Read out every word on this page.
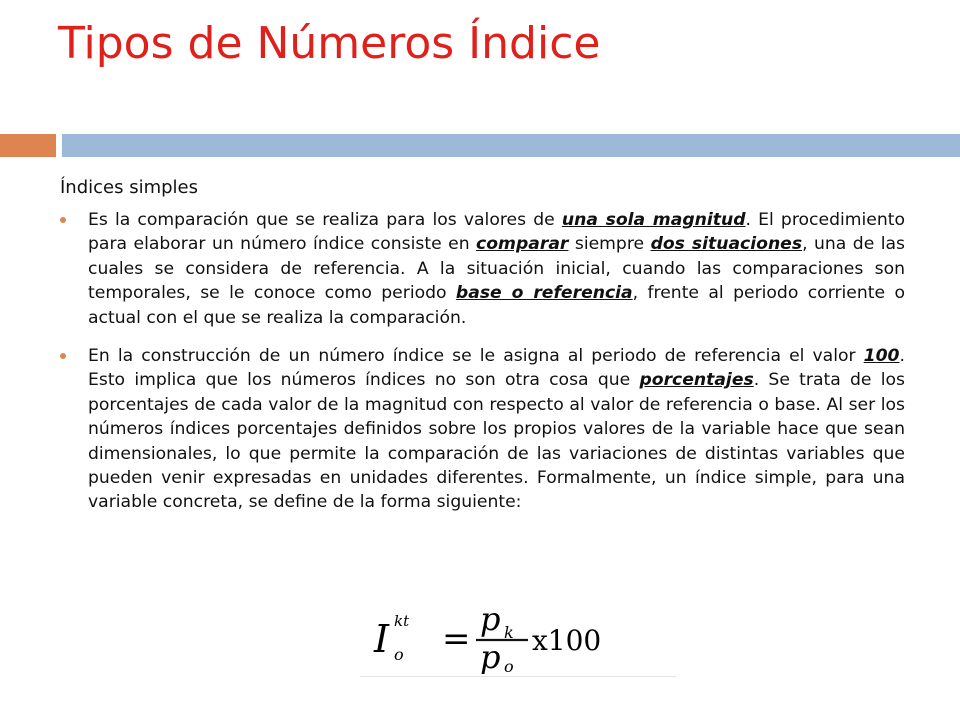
Tipos de Números Índice
Índices simples
Es la comparación que se realiza para los valores de una sola magnitud. El procedimiento para elaborar un número índice consiste en comparar siempre dos situaciones, una de las cuales se considera de referencia. A la situación inicial, cuando las comparaciones son temporales, se le conoce como periodo base o referencia, frente al periodo corriente o actual con el que se realiza la comparación.
En la construcción de un número índice se le asigna al periodo de referencia el valor 100. Esto implica que los números índices no son otra cosa que porcentajes. Se trata de los porcentajes de cada valor de la magnitud con respecto al valor de referencia o base. Al ser los números índices porcentajes definidos sobre los propios valores de la variable hace que sean dimensionales, lo que permite la comparación de las variaciones de distintas variables que pueden venir expresadas en unidades diferentes. Formalmente, un índice simple, para una variable concreta, se define de la forma siguiente:
I kt
o = p k
p o
x100
